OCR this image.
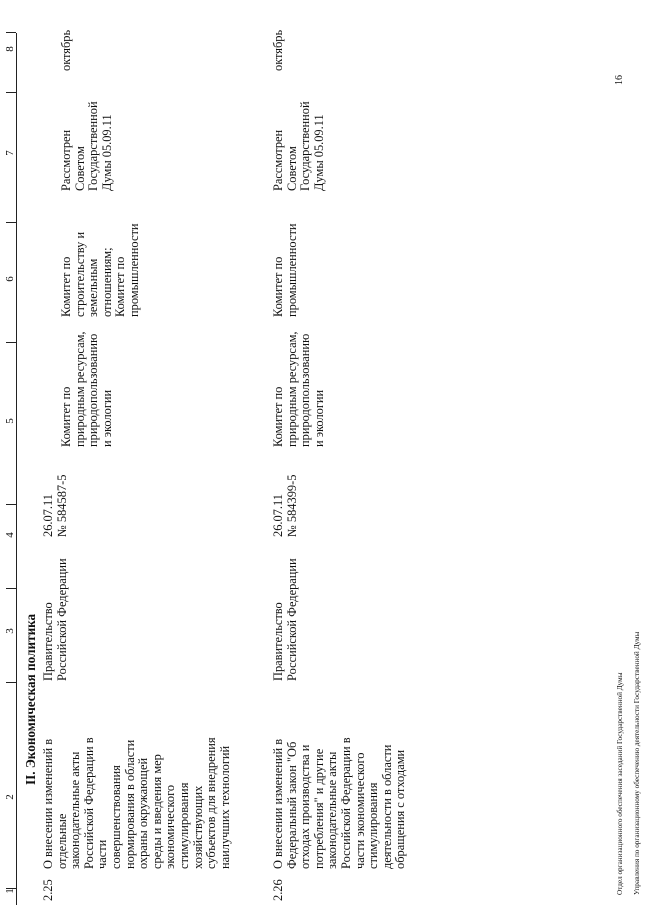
1
2
3
4
5
6
7
8
II. Экономическая политика
2.25
О внесении изменений в
отдельные
законодательные акты
Российской Федерации в
части
совершенствования
нормирования в области
охраны окружающей
среды и введения мер
экономического
стимулирования
хозяйствующих
субъектов для внедрения
наилучших технологий
Правительство
Российской Федерации
26.07.11
№ 584587-5
Комитет по
природным ресурсам,
природопользованию
и экологии
Комитет по
строительству и
земельным
отношениям;
Комитет по
промышленности
Рассмотрен
Советом
Государственной
Думы 05.09.11
октябрь
2.26
О внесении изменений в
Федеральный закон "Об
отходах производства и
потребления" и другие
законодательные акты
Российской Федерации в
части экономического
стимулирования
деятельности в области
обращения с отходами
Правительство
Российской Федерации
26.07.11
№ 584399-5
Комитет по
природным ресурсам,
природопользованию
и экологии
Комитет по
промышленности
Рассмотрен
Советом
Государственной
Думы 05.09.11
октябрь

Отдел организационного обеспечения заседаний Государственной Думы Управления по организационному обеспечению деятельности Государственной Думы

16
